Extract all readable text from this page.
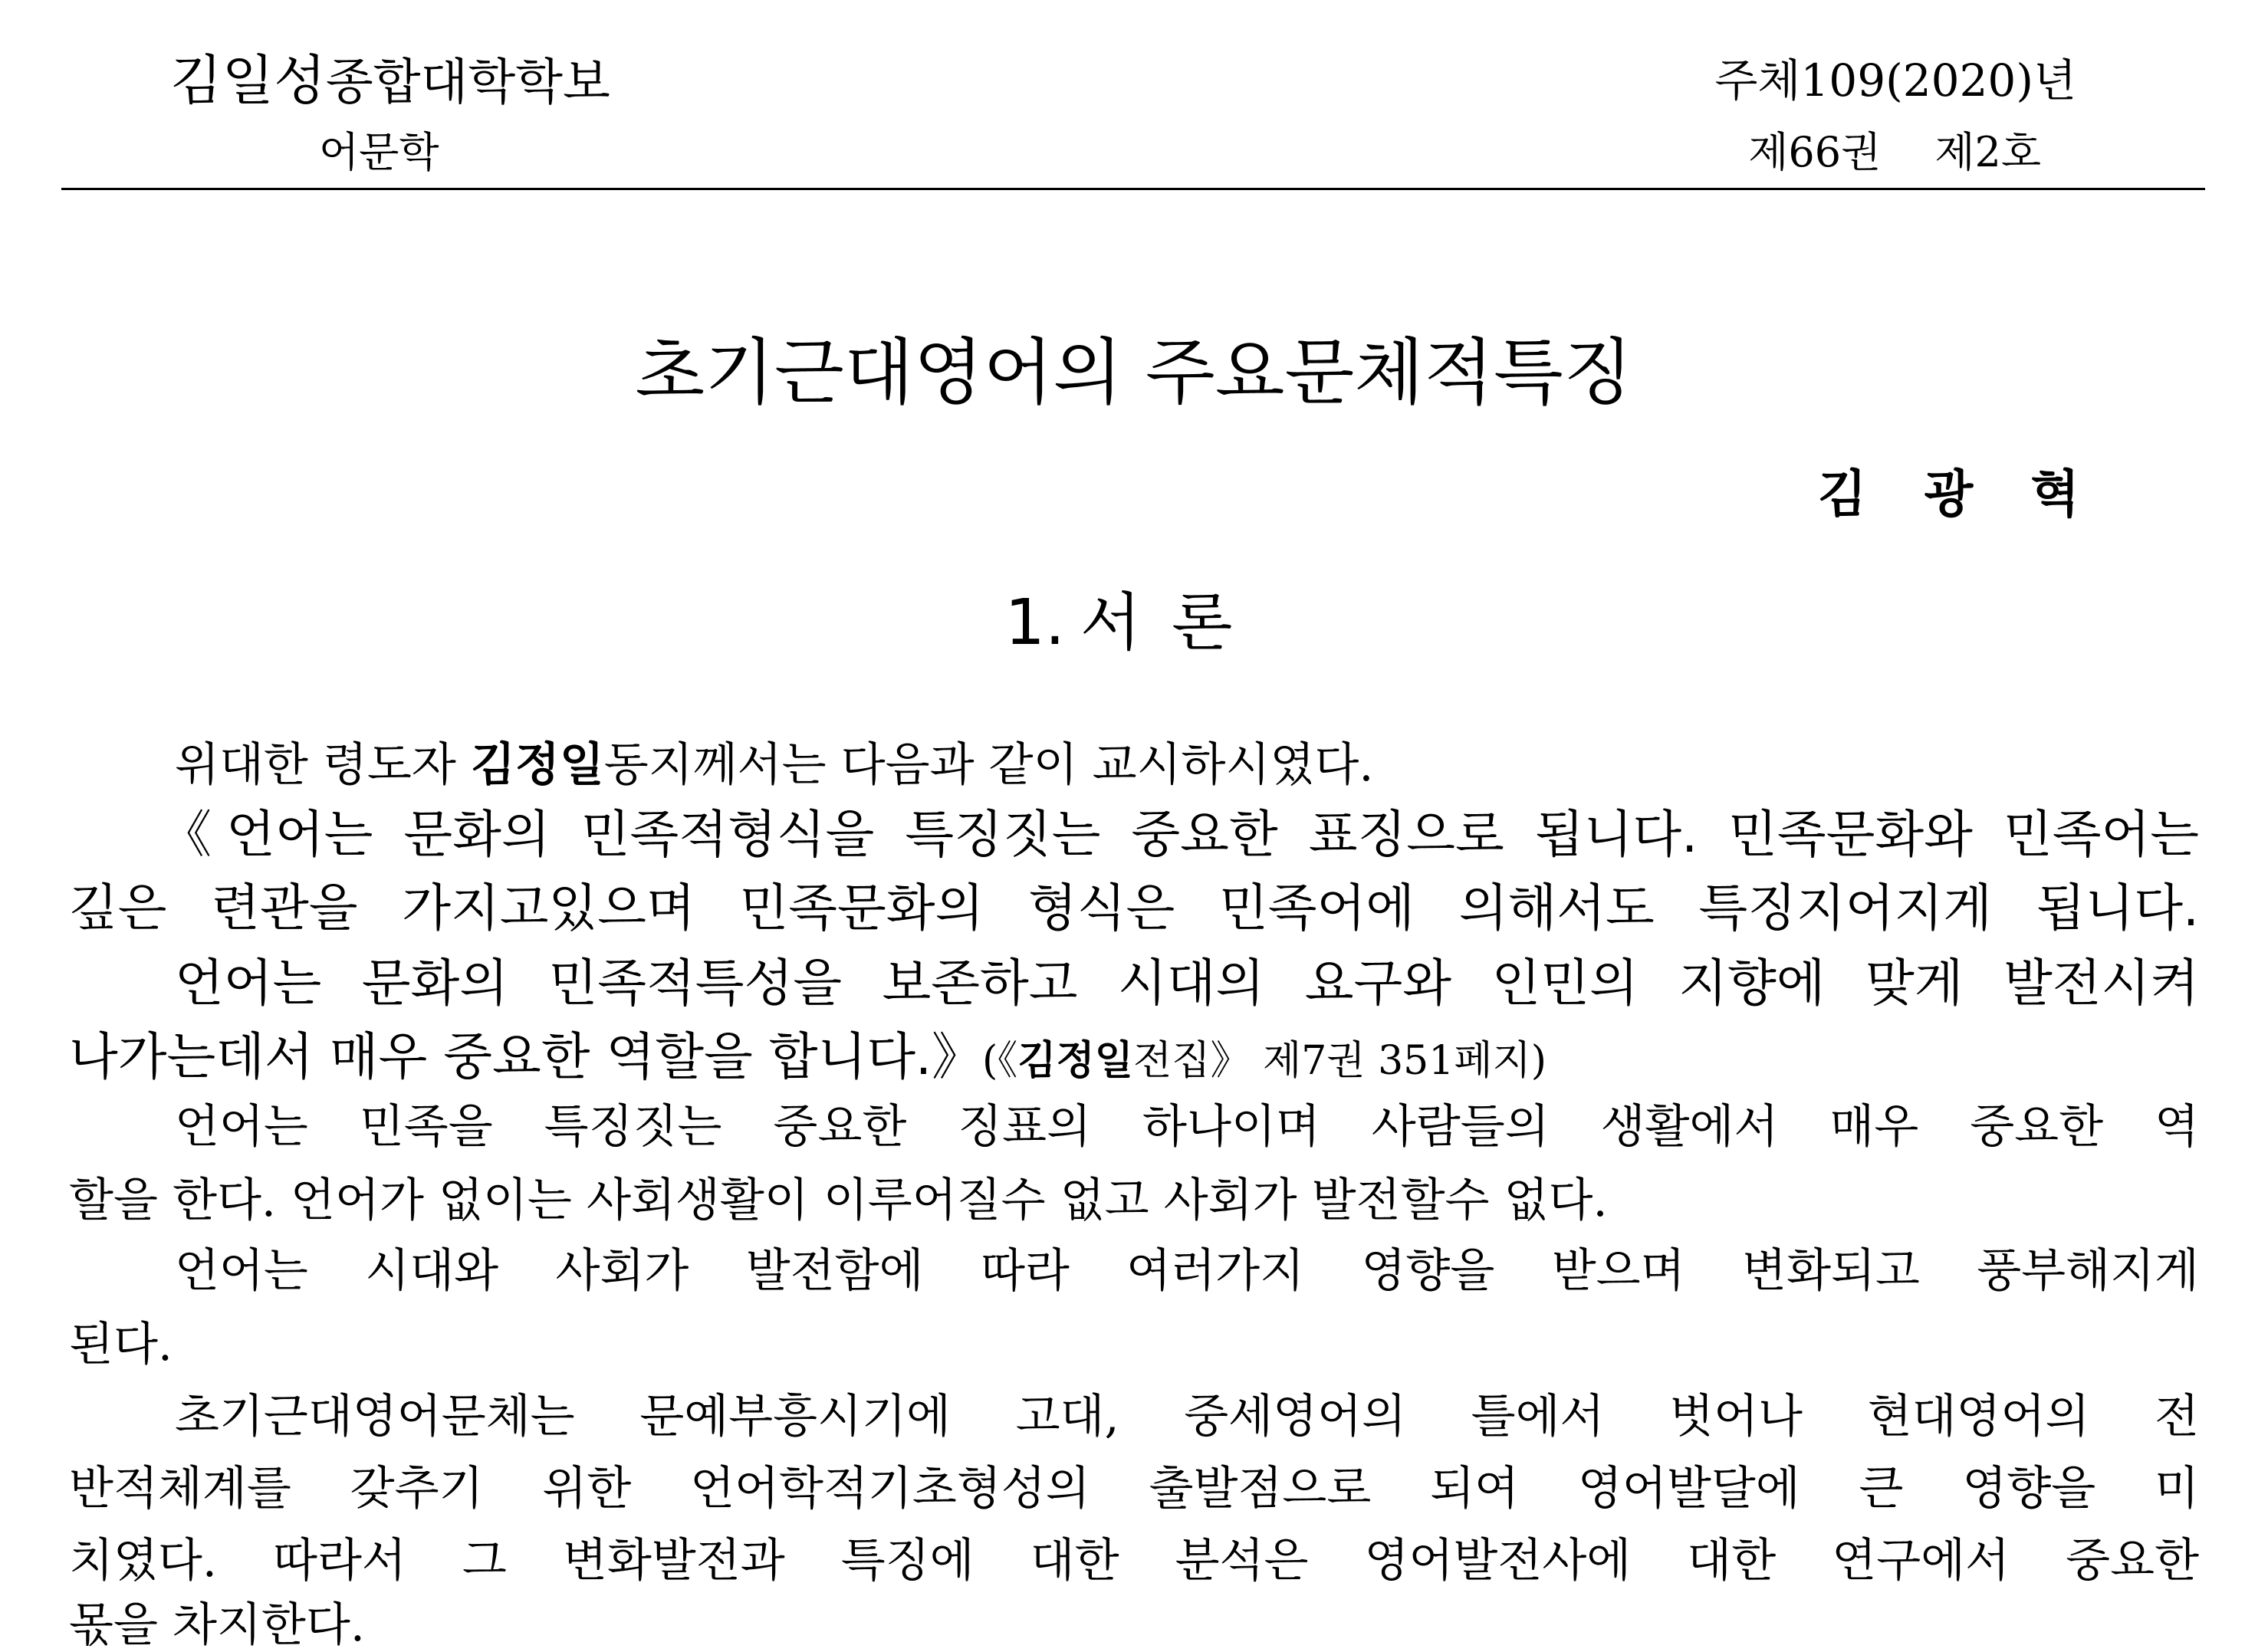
김일성종합대학학보
어문학
주체109(2020)년
제66권 제2호
초기근대영어의 주요문체적특징
김 광 혁
1. 서론
위대한 령도자 김정일동지께서는 다음과 같이 교시하시였다.
《언어는 문화의 민족적형식을 특징짓는 중요한 표징으로 됩니다. 민족문화와 민족어는
깊은 련관을 가지고있으며 민족문화의 형식은 민족어에 의해서도 특징지어지게 됩니다.
언어는 문화의 민족적특성을 보존하고 시대의 요구와 인민의 지향에 맞게 발전시켜
나가는데서 매우 중요한 역할을 합니다.》(《김정일전집》 제7권 351페지)
언어는 민족을 특징짓는 중요한 징표의 하나이며 사람들의 생활에서 매우 중요한 역
할을 한다. 언어가 없이는 사회생활이 이루어질수 없고 사회가 발전할수 없다.
언어는 시대와 사회가 발전함에 따라 여러가지 영향을 받으며 변화되고 풍부해지게
된다.
초기근대영어문체는 문예부흥시기에 고대, 중세영어의 틀에서 벗어나 현대영어의 전
반적체계를 갖추기 위한 언어학적기초형성의 출발점으로 되여 영어발달에 큰 영향을 미
치였다. 따라서 그 변화발전과 특징에 대한 분석은 영어발전사에 대한 연구에서 중요한
몫을 차지한다.
